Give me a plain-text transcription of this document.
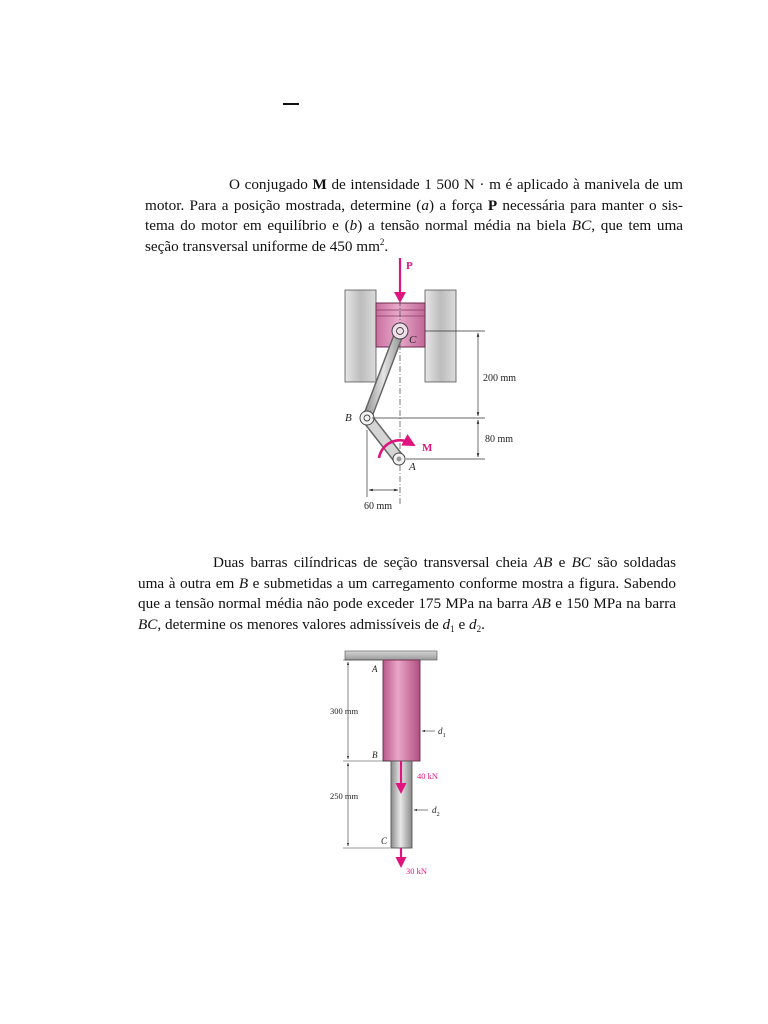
O conjugado M de intensidade 1 500 N · m é aplicado à manivela de um
motor. Para a posição mostrada, determine (a) a força P necessária para manter o sis-
tema do motor em equilíbrio e (b) a tensão normal média na biela BC, que tem uma
seção transversal uniforme de 450 $mm^2$.
P
C
B
A
M
200 mm
80 mm
60 mm
Duas barras cilíndricas de seção transversal cheia AB e BC são soldadas
uma à outra em B e submetidas a um carregamento conforme mostra a figura. Sabendo
que a tensão normal média não pode exceder 175 MPa na barra AB e 150 MPa na barra
BC, determine os menores valores admissíveis de $d_1$ e $d_2$.
A
B
C
300 mm
250 mm
$d_1$
$d_2$
40 kN
30 kN
